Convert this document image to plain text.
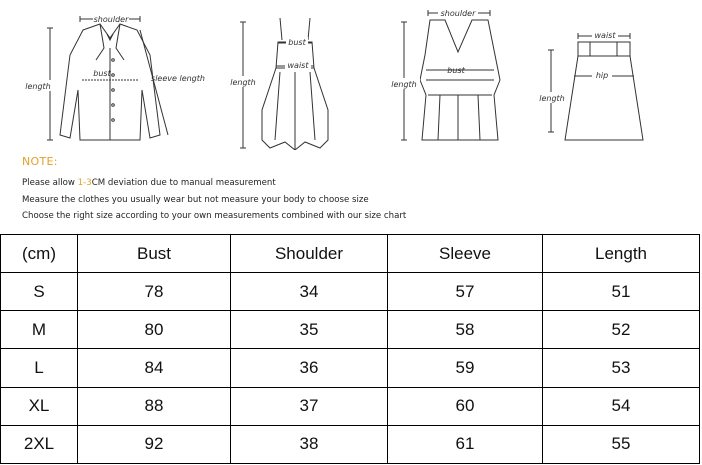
shoulder
bust
length
sleeve length
bust
waist
length
shoulder
bust
length
waist
hip
length
NOTE:
Please allow 1-3CM deviation due to manual measurement
Measure the clothes you usually wear but not measure your body to choose size
Choose the right size according to your own measurements combined with our size chart
(cm)	Bust	Shoulder	Sleeve	Length
S	78	34	57	51
M	80	35	58	52
L	84	36	59	53
XL	88	37	60	54
2XL	92	38	61	55
